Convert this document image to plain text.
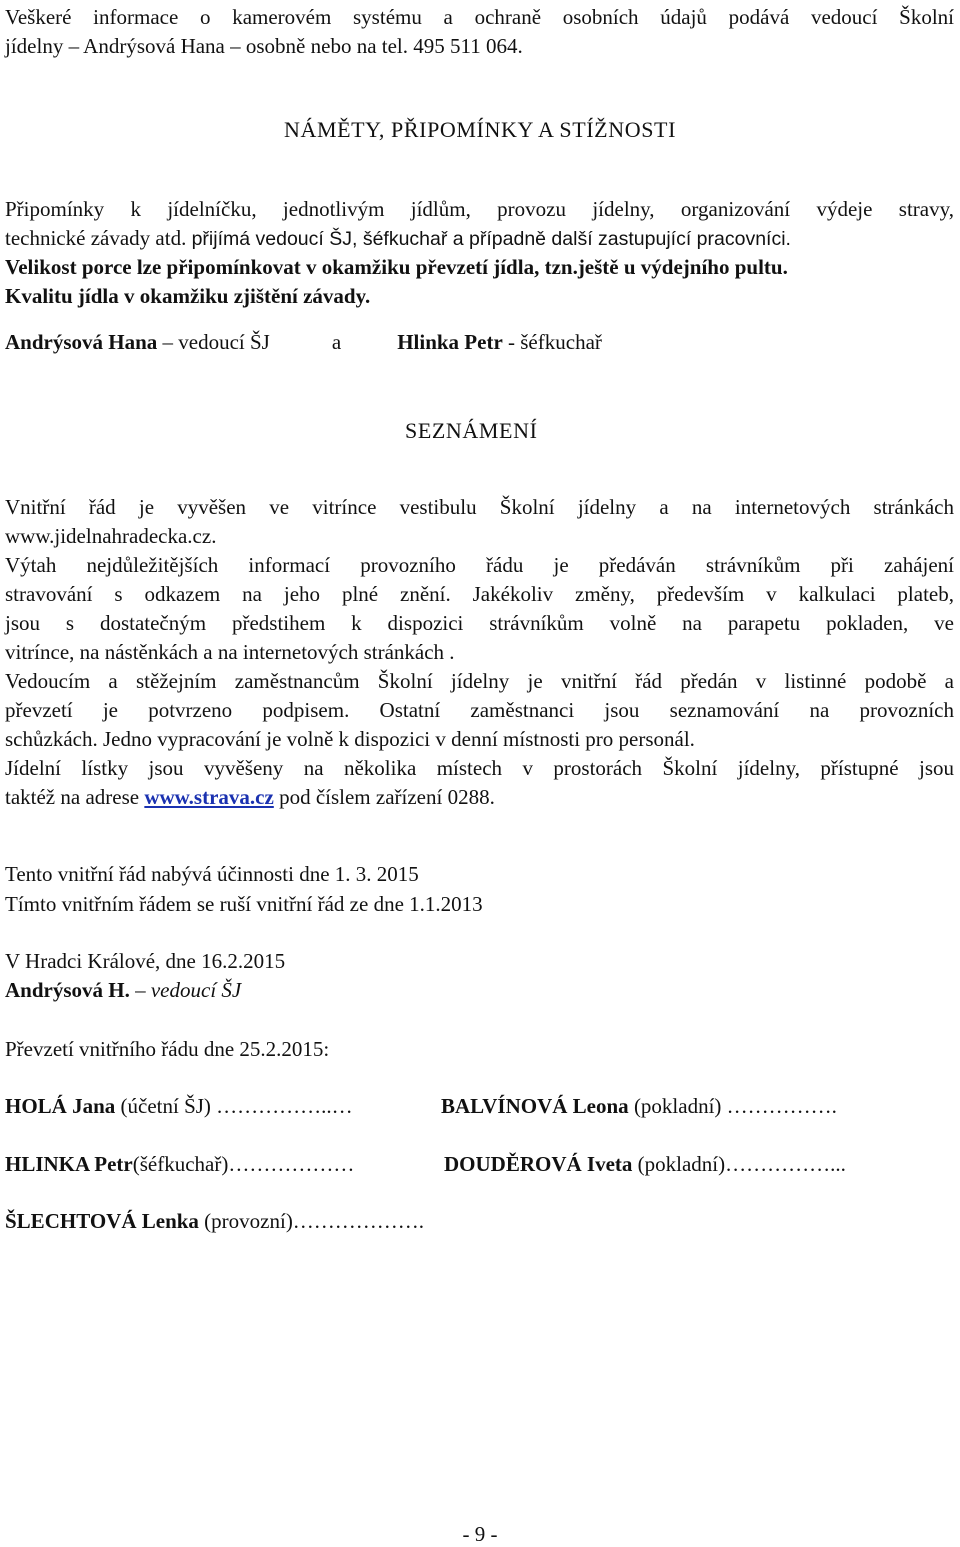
Veškeré informace o kamerovém systému a ochraně osobních údajů podává vedoucí Školní
jídelny – Andrýsová Hana – osobně nebo na tel. 495 511 064.
NÁMĚTY, PŘIPOMÍNKY A STÍŽNOSTI
Připomínky k jídelníčku, jednotlivým jídlům, provozu jídelny, organizování výdeje stravy,
technické závady atd. přijímá vedoucí ŠJ, šéfkuchař a případně další zastupující pracovníci.
Velikost porce lze připomínkovat v okamžiku převzetí jídla, tzn.ještě u výdejního pultu.
Kvalitu jídla v okamžiku zjištění závady.
Andrýsová Hana – vedoucí ŠJ	a	Hlinka Petr - šéfkuchař
SEZNÁMENÍ
Vnitřní řád je vyvěšen ve vitrínce vestibulu Školní jídelny a na internetových stránkách
www.jidelnahradecka.cz.
Výtah nejdůležitějších informací provozního řádu je předáván strávníkům při zahájení
stravování s odkazem na jeho plné znění. Jakékoliv změny, především v kalkulaci plateb,
jsou s dostatečným předstihem k dispozici strávníkům volně na parapetu pokladen, ve
vitrínce, na nástěnkách a na internetových stránkách .
Vedoucím a stěžejním zaměstnancům Školní jídelny je vnitřní řád předán v listinné podobě a
převzetí je potvrzeno podpisem. Ostatní zaměstnanci jsou seznamování na provozních
schůzkách. Jedno vypracování je volně k dispozici v denní místnosti pro personál.
Jídelní lístky jsou vyvěšeny na několika místech v prostorách Školní jídelny, přístupné jsou
taktéž na adrese www.strava.cz pod číslem zařízení 0288.
Tento vnitřní řád nabývá účinnosti dne 1. 3. 2015
Tímto vnitřním řádem se ruší vnitřní řád ze dne 1.1.2013
V Hradci Králové, dne 16.2.2015
Andrýsová H. – vedoucí ŠJ
Převzetí vnitřního řádu dne 25.2.2015:
HOLÁ Jana (účetní ŠJ) ……………..…	BALVÍNOVÁ Leona (pokladní) …………….
HLINKA Petr(šéfkuchař)………………	DOUDĚROVÁ Iveta (pokladní)……………...
ŠLECHTOVÁ Lenka (provozní)……………….
- 9 -
